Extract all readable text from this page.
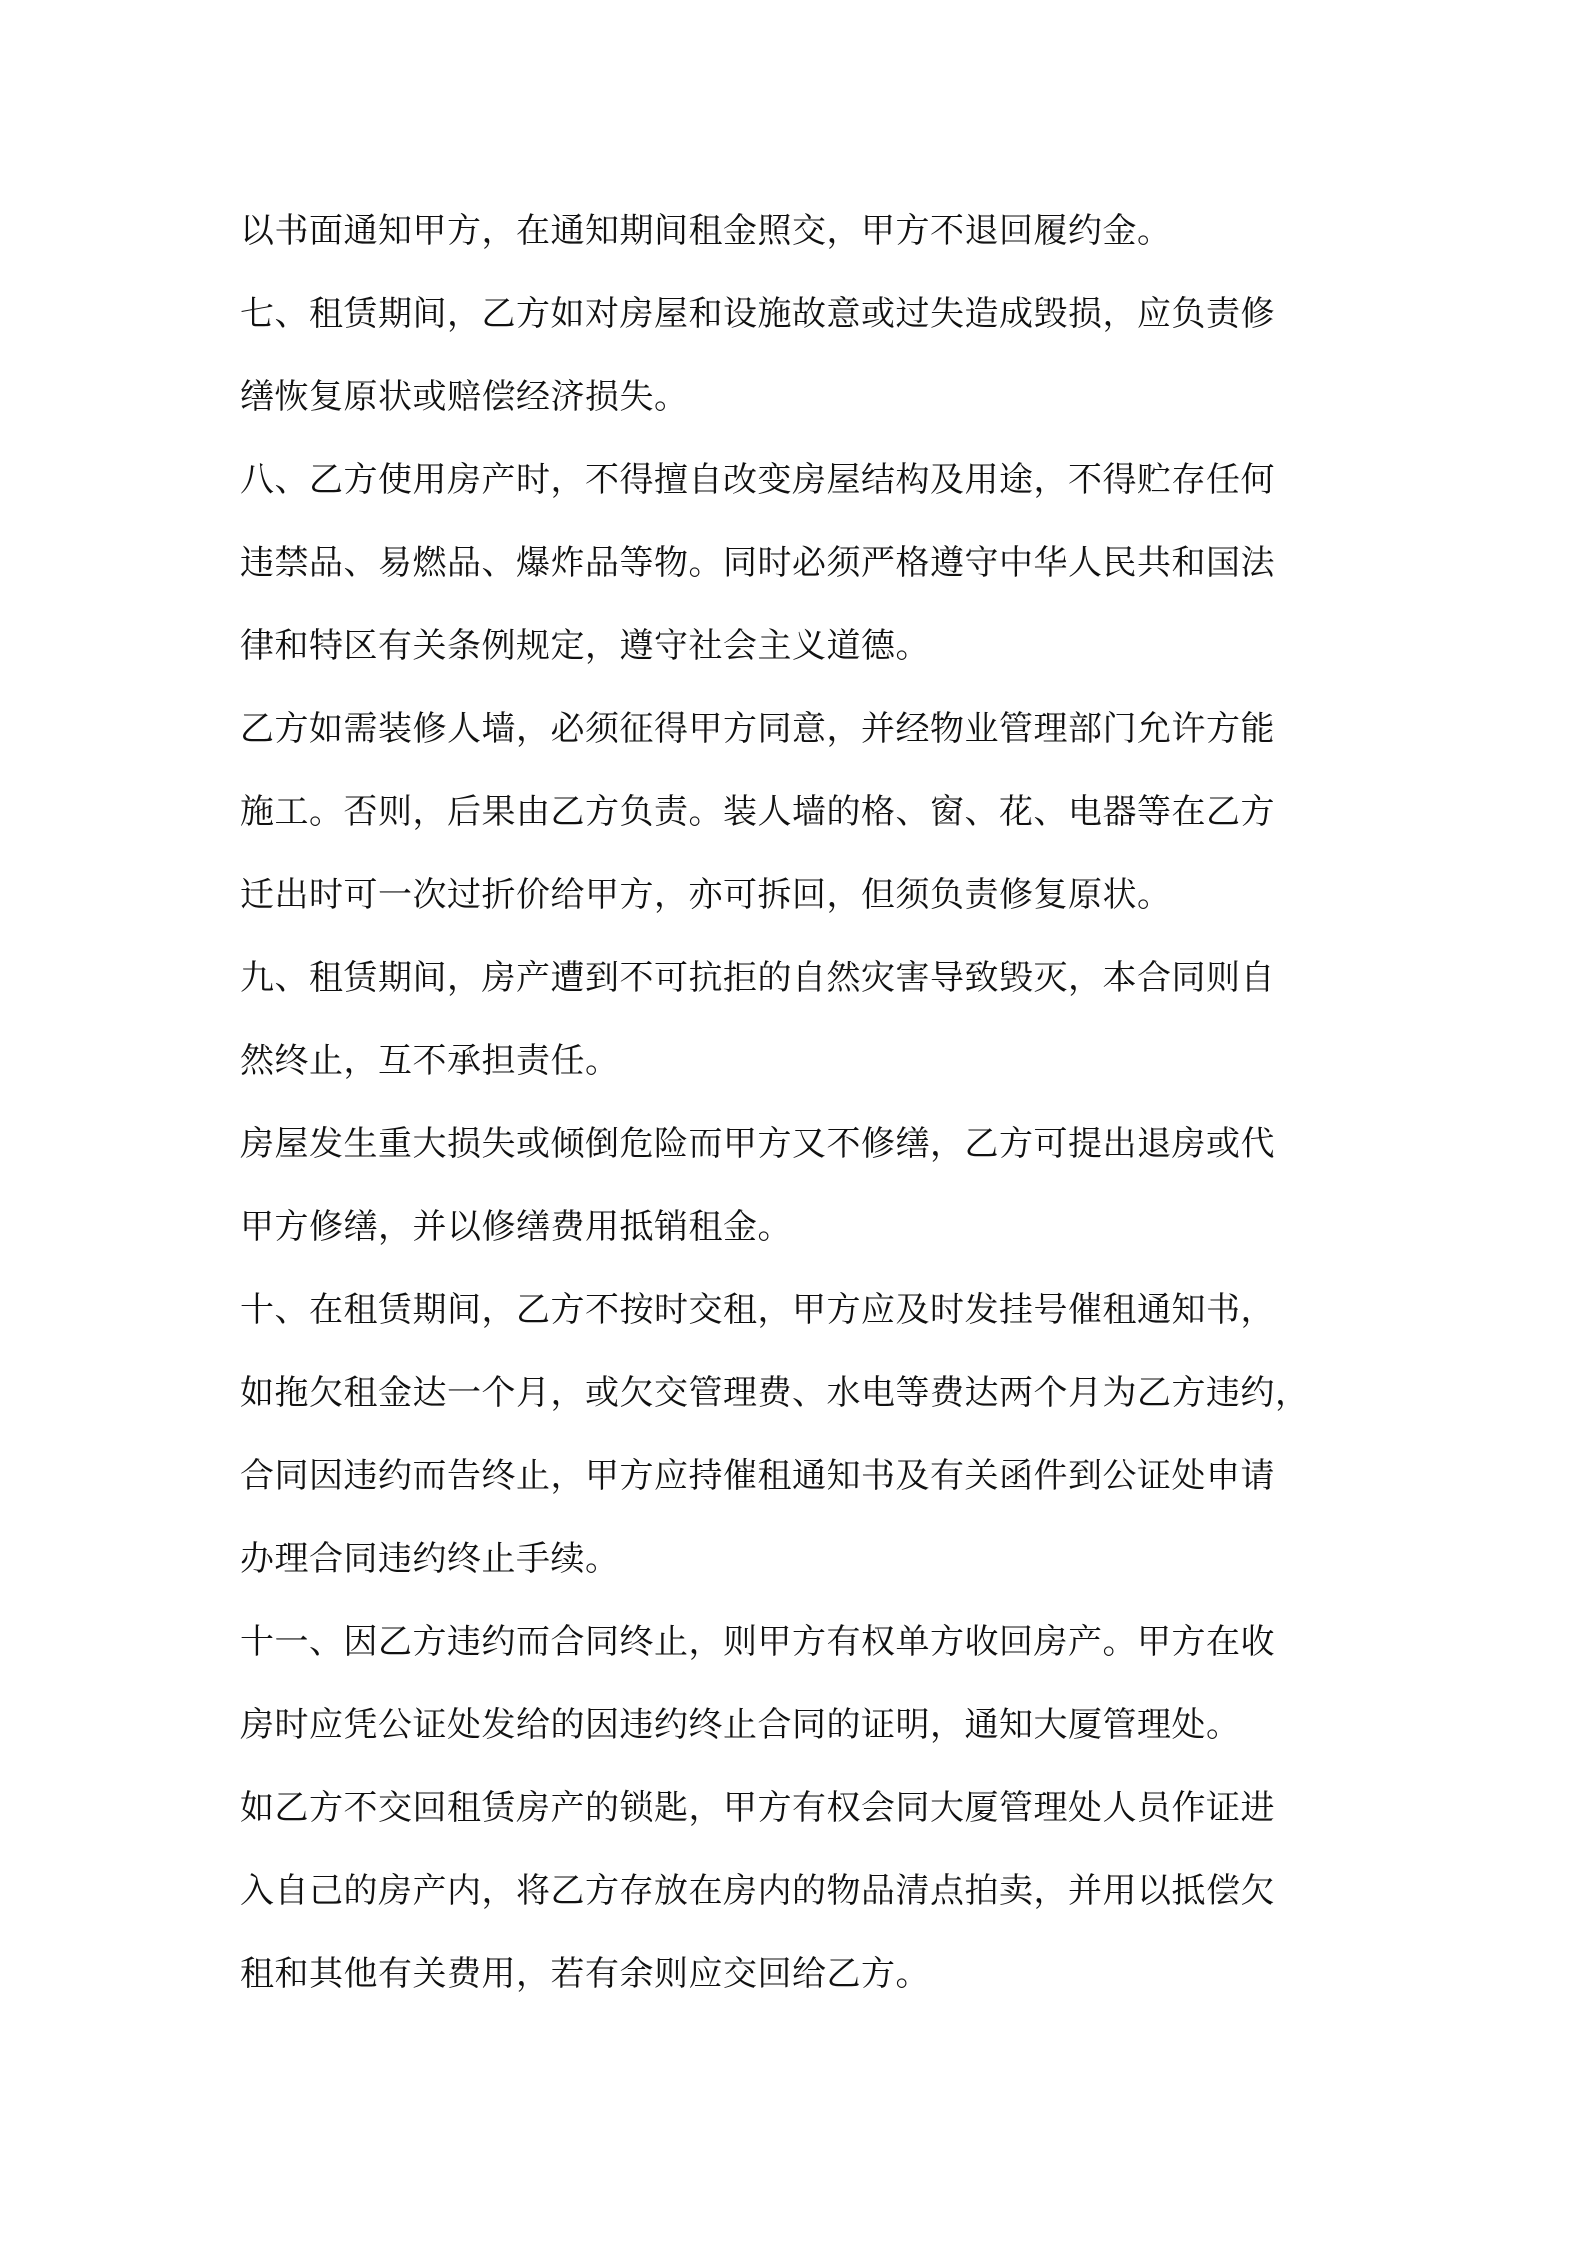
以书面通知甲方，在通知期间租金照交，甲方不退回履约金。
七、租赁期间，乙方如对房屋和设施故意或过失造成毁损，应负责修
缮恢复原状或赔偿经济损失。
八、乙方使用房产时，不得擅自改变房屋结构及用途，不得贮存任何
违禁品、易燃品、爆炸品等物。同时必须严格遵守中华人民共和国法
律和特区有关条例规定，遵守社会主义道德。
乙方如需装修人墙，必须征得甲方同意，并经物业管理部门允许方能
施工。否则，后果由乙方负责。装人墙的格、窗、花、电器等在乙方
迁出时可一次过折价给甲方，亦可拆回，但须负责修复原状。
九、租赁期间，房产遭到不可抗拒的自然灾害导致毁灭，本合同则自
然终止，互不承担责任。
房屋发生重大损失或倾倒危险而甲方又不修缮，乙方可提出退房或代
甲方修缮，并以修缮费用抵销租金。
十、在租赁期间，乙方不按时交租，甲方应及时发挂号催租通知书，
如拖欠租金达一个月，或欠交管理费、水电等费达两个月为乙方违约，
合同因违约而告终止，甲方应持催租通知书及有关函件到公证处申请
办理合同违约终止手续。
十一、因乙方违约而合同终止，则甲方有权单方收回房产。甲方在收
房时应凭公证处发给的因违约终止合同的证明，通知大厦管理处。
如乙方不交回租赁房产的锁匙，甲方有权会同大厦管理处人员作证进
入自己的房产内，将乙方存放在房内的物品清点拍卖，并用以抵偿欠
租和其他有关费用，若有余则应交回给乙方。
